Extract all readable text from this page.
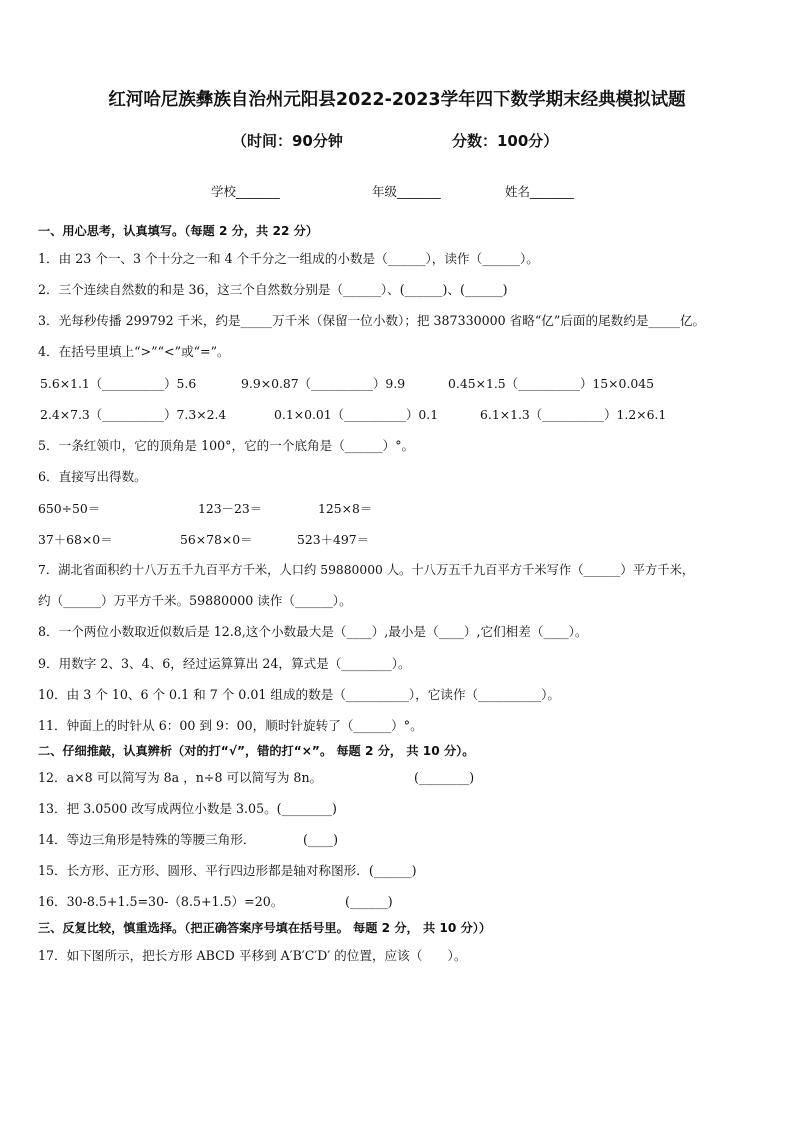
红河哈尼族彝族自治州元阳县2022-2023学年四下数学期末经典模拟试题
（时间：90分钟	分数：100分）
学校_______	年级_______	姓名_______
一、用心思考，认真填写。（每题 2 分，共 22 分）
1．由 23 个一、3 个十分之一和 4 个千分之一组成的小数是（______），读作（______）。
2．三个连续自然数的和是 36，这三个自然数分别是（______）、(______)、(______)
3．光每秒传播 299792 千米，约是_____万千米（保留一位小数）；把 387330000 省略“亿”后面的尾数约是_____亿。
4．在括号里填上“>”“<”或“=”。
5.6×1.1（__________）5.6	9.9×0.87（__________）9.9	0.45×1.5（__________）15×0.045
2.4×7.3（__________）7.3×2.4	0.1×0.01（__________）0.1	6.1×1.3（__________）1.2×6.1
5．一条红领巾，它的顶角是 100°，它的一个底角是（______）°。
6．直接写出得数。
650÷50＝	123－23＝	125×8＝
37＋68×0＝	56×78×0＝	523＋497＝
7．湖北省面积约十八万五千九百平方千米，人口约 59880000 人。十八万五千九百平方千米写作（______）平方千米，
约（______）万平方千米。59880000 读作（______）。
8．一个两位小数取近似数后是 12.8,这个小数最大是（____）,最小是（____）,它们相差（____）。
9．用数字 2、3、4、6，经过运算算出 24，算式是（________）。
10．由 3 个 10、6 个 0.1 和 7 个 0.01 组成的数是（__________），它读作（__________）。
11．钟面上的时针从 6：00 到 9：00，顺时针旋转了（______）°。
二、仔细推敲，认真辨析（对的打“√”，错的打“×”。 每题 2 分， 共 10 分）。
12．a×8 可以简写为 8a ，n÷8 可以简写为 8n。	(________)
13．把 3.0500 改写成两位小数是 3.05。(________)
14．等边三角形是特殊的等腰三角形．	(____)
15．长方形、正方形、圆形、平行四边形都是轴对称图形．(______)
16．30-8.5+1.5=30-（8.5+1.5）=20。	(______)
三、反复比较，慎重选择。（把正确答案序号填在括号里。 每题 2 分， 共 10 分））
17．如下图所示，把长方形 ABCD 平移到 A′B′C′D′ 的位置，应该（　　）。
